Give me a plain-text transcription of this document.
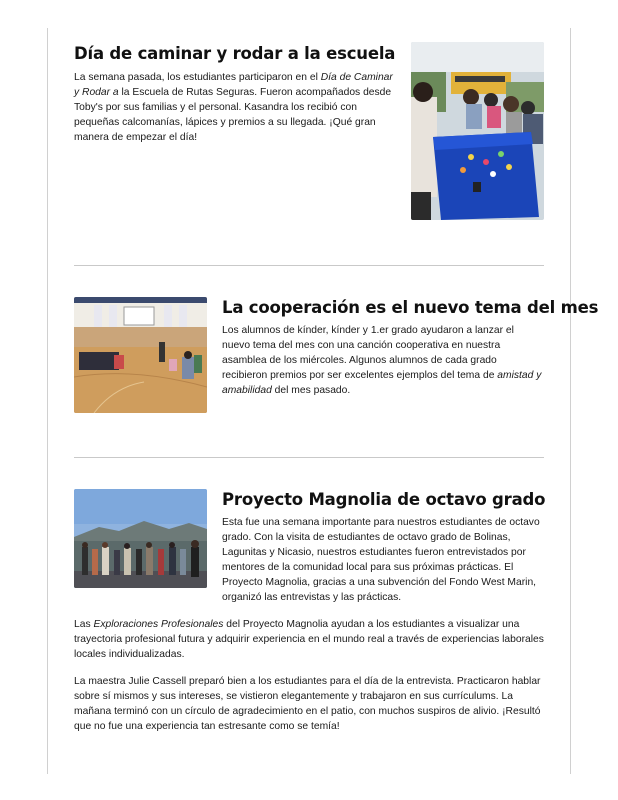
Día de caminar y rodar a la escuela

La semana pasada, los estudiantes participaron en el Día de Caminar y Rodar a la Escuela de Rutas Seguras. Fueron acompañados desde Toby's por sus familias y el personal. Kasandra los recibió con pequeñas calcomanías, lápices y premios a su llegada. ¡Qué gran manera de empezar el día!

La cooperación es el nuevo tema del mes

Los alumnos de kínder, kínder y 1.er grado ayudaron a lanzar el nuevo tema del mes con una canción cooperativa en nuestra asamblea de los miércoles. Algunos alumnos de cada grado recibieron premios por ser excelentes ejemplos del tema de amistad y amabilidad del mes pasado.

Proyecto Magnolia de octavo grado

Esta fue una semana importante para nuestros estudiantes de octavo grado. Con la visita de estudiantes de octavo grado de Bolinas, Lagunitas y Nicasio, nuestros estudiantes fueron entrevistados por mentores de la comunidad local para sus próximas prácticas. El Proyecto Magnolia, gracias a una subvención del Fondo West Marin, organizó las entrevistas y las prácticas.

Las Exploraciones Profesionales del Proyecto Magnolia ayudan a los estudiantes a visualizar una trayectoria profesional futura y adquirir experiencia en el mundo real a través de experiencias laborales locales individualizadas.

La maestra Julie Cassell preparó bien a los estudiantes para el día de la entrevista. Practicaron hablar sobre sí mismos y sus intereses, se vistieron elegantemente y trabajaron en sus currículums. La mañana terminó con un círculo de agradecimiento en el patio, con muchos suspiros de alivio. ¡Resultó que no fue una experiencia tan estresante como se temía!
